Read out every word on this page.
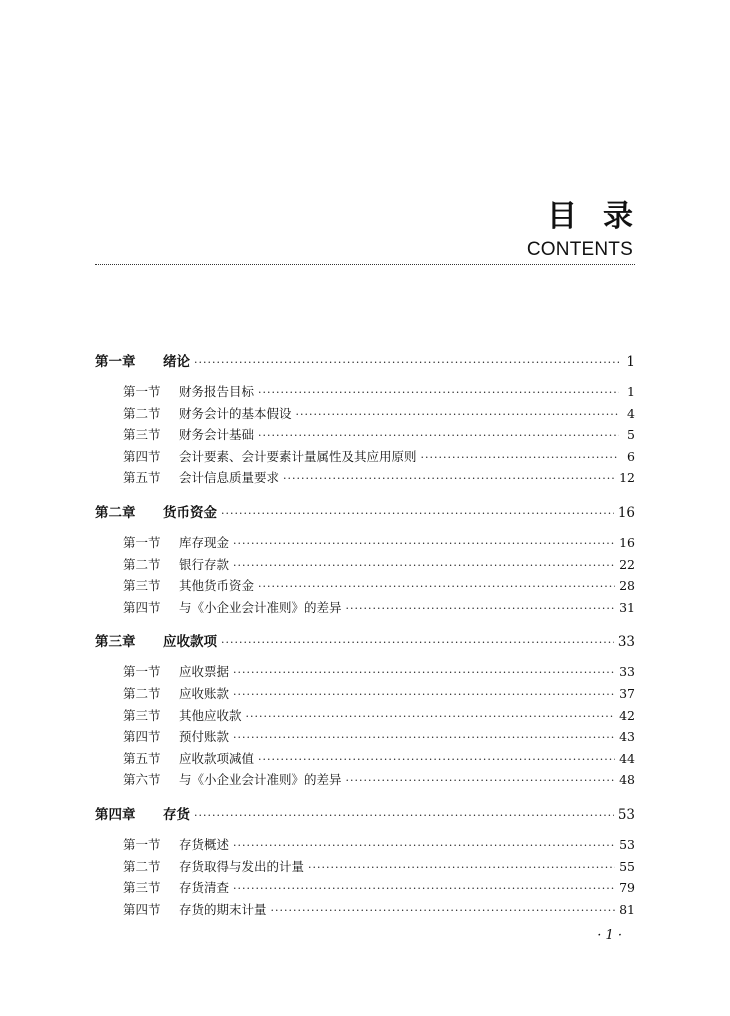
目录
CONTENTS
第一章	绪论 ·····	1
第一节	财务报告目标 ·····	1
第二节	财务会计的基本假设 ·····	4
第三节	财务会计基础 ·····	5
第四节	会计要素、会计要素计量属性及其应用原则 ·····	6
第五节	会计信息质量要求 ·····	12
第二章	货币资金 ·····	16
第一节	库存现金 ·····	16
第二节	银行存款 ·····	22
第三节	其他货币资金 ·····	28
第四节	与《小企业会计准则》的差异 ·····	31
第三章	应收款项 ·····	33
第一节	应收票据 ·····	33
第二节	应收账款 ·····	37
第三节	其他应收款 ·····	42
第四节	预付账款 ·····	43
第五节	应收款项减值 ·····	44
第六节	与《小企业会计准则》的差异 ·····	48
第四章	存货 ·····	53
第一节	存货概述 ·····	53
第二节	存货取得与发出的计量 ·····	55
第三节	存货清查 ·····	79
第四节	存货的期末计量 ·····	81
· 1 ·
